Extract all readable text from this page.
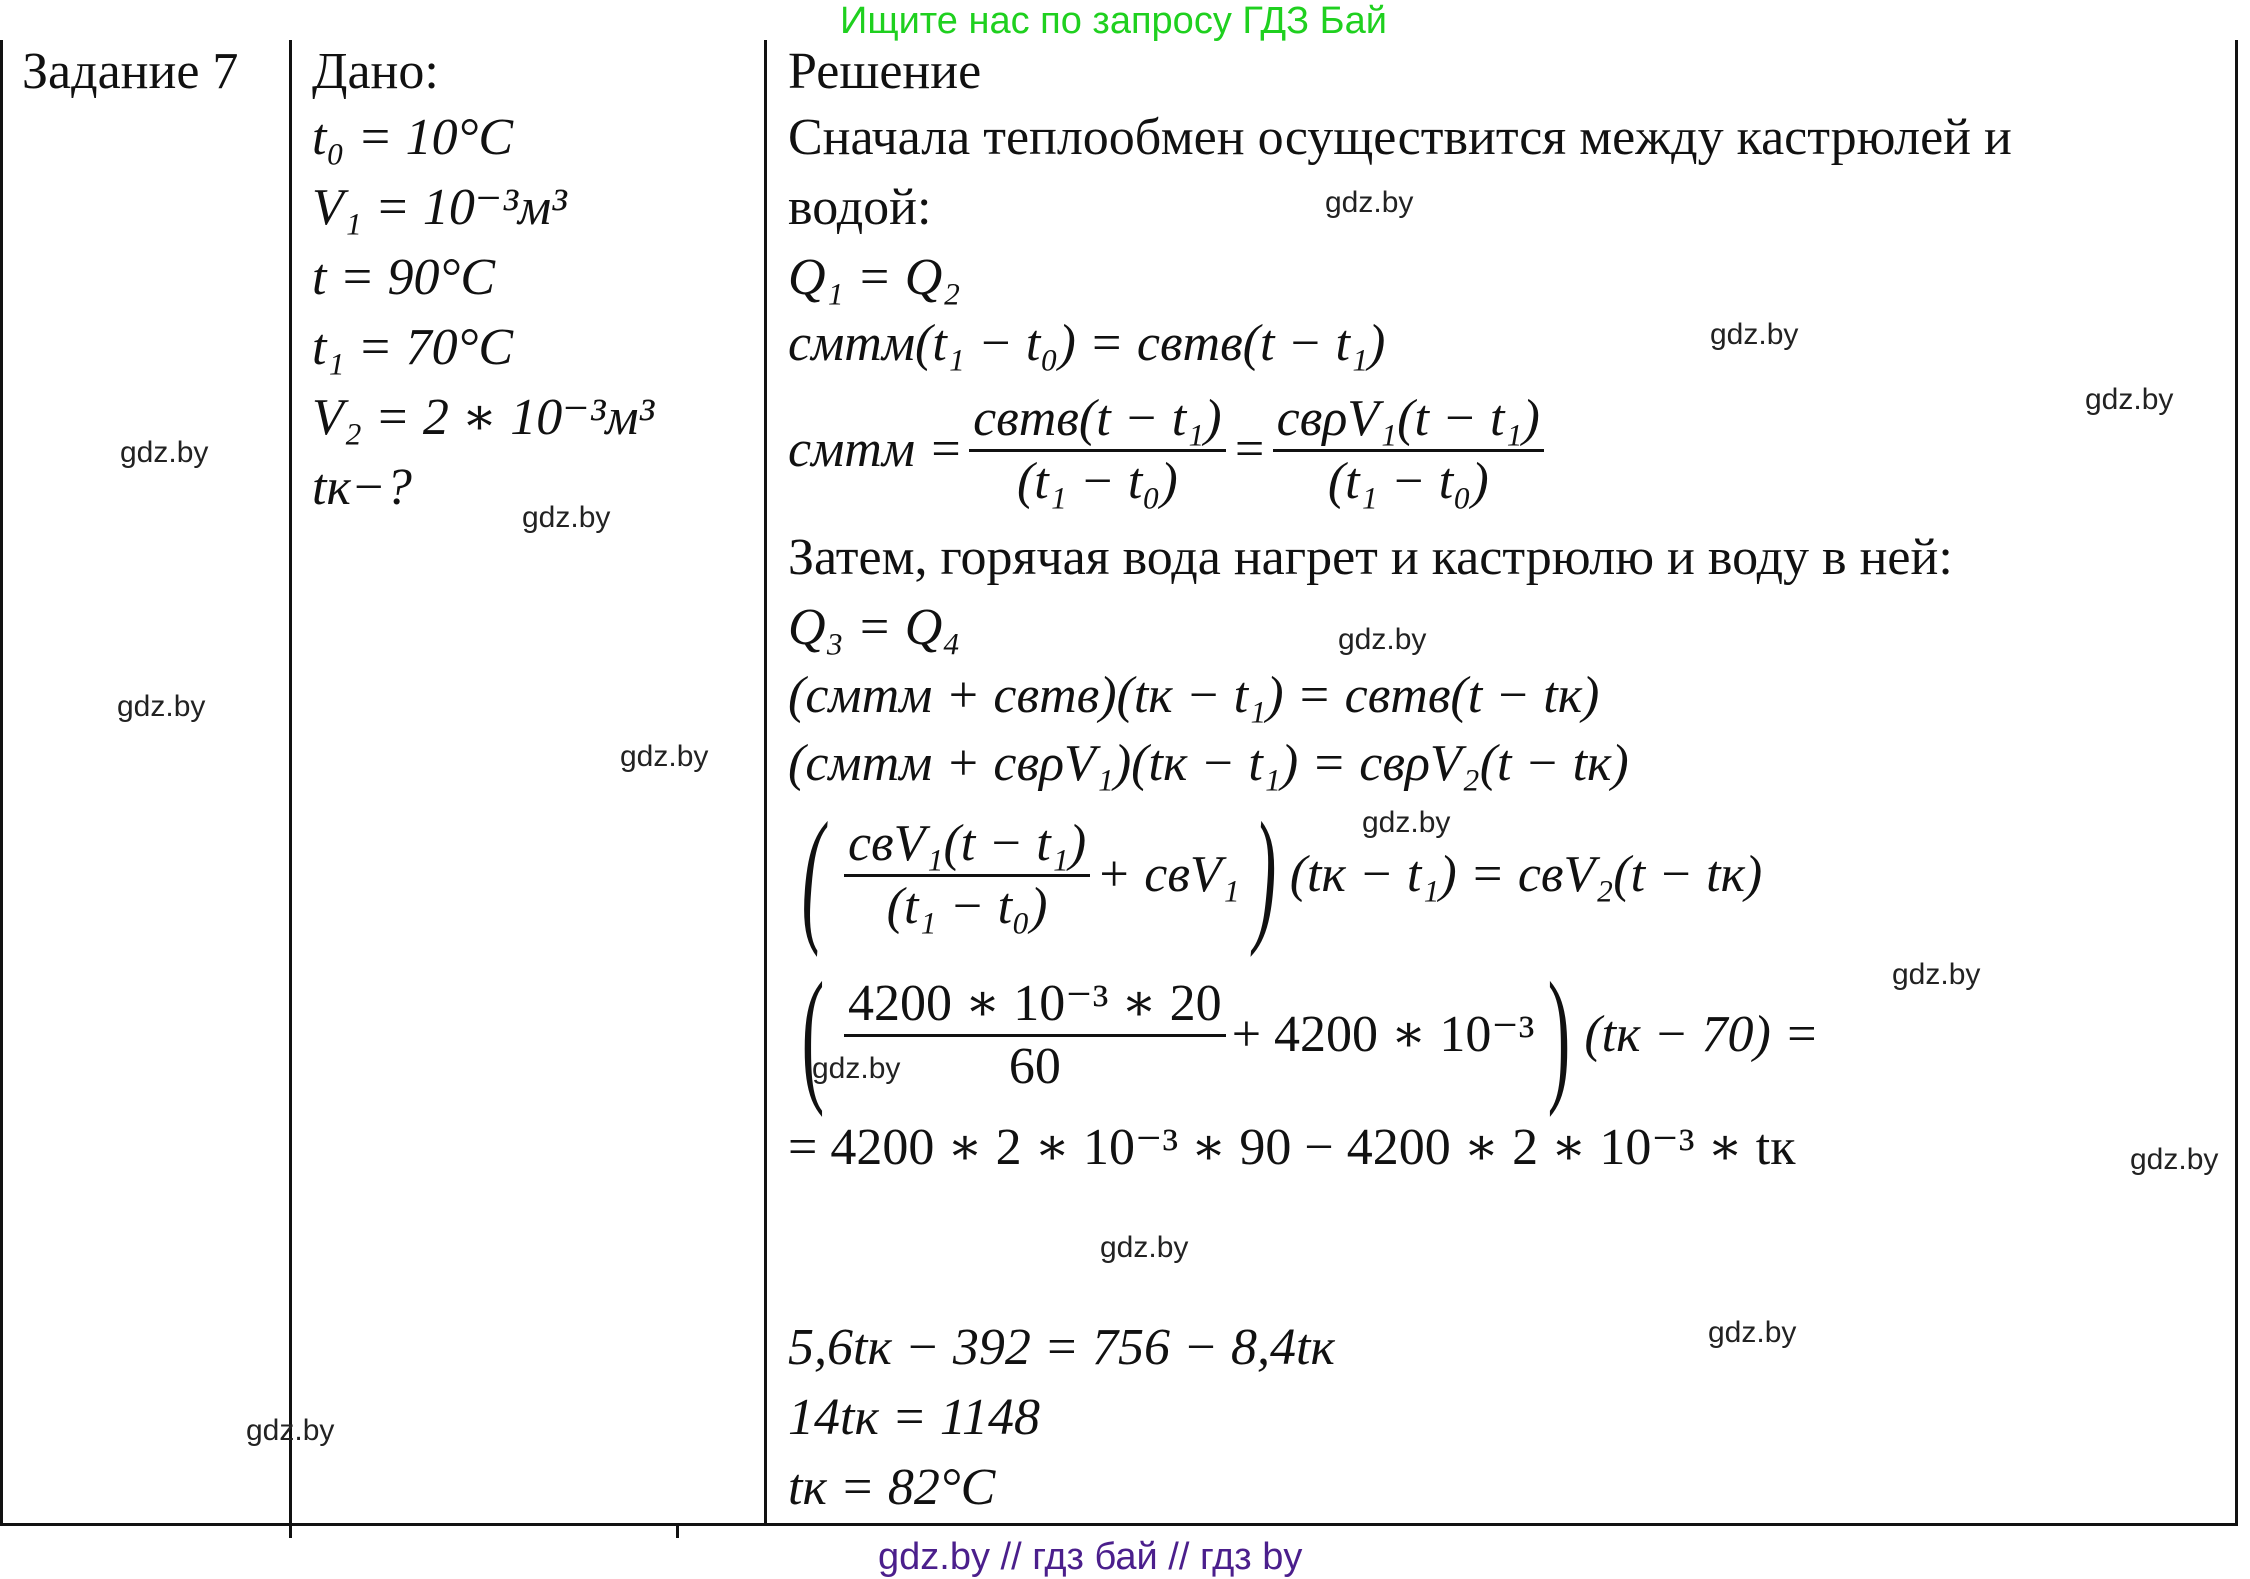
Ищите нас по запросу ГДЗ Бай
gdz.by // гдз бай // гдз by
Задание 7 Дано:
t₀ = 10°C
V₁ = 10⁻³м³
t = 90°C
t₁ = 70°C
V₂ = 2 ∗ 10⁻³м³
tк−?
Решение
Сначала теплообмен осуществится между кастрюлей и
водой:
Q₁ = Q₂
cмmм(t₁ − t₀) = cвmв(t − t₁)
cмmм = $\frac{\text{cвmв(t − t₁)}}{\text{(t₁ − t₀)}} = \frac{\text{cвρV₁(t − t₁)}}{\text{(t₁ − t₀)}}$
Затем, горячая вода нагрет и кастрюлю и воду в ней:
Q₃ = Q₄
(cмmм + cвmв)(tк − t₁) = cвmв(t − tк)
(cмmм + cвρV₁)(tк − t₁) = cвρV₂(t − tк)
( $\frac{\text{cвV₁(t − t₁)}}{\text{(t₁ − t₀)}} + cвV_1$ ) (tк − t₁) = cвV₂(t − tк)
( $\frac{\text{4200 ∗ 10⁻³ ∗ 20}}{60} + 4200$ ∗ 10⁻³ ) (tк − 70) =
= 4200 ∗ 2 ∗ 10⁻³ ∗ 90 − 4200 ∗ 2 ∗ 10⁻³ ∗ tк
5,6tк − 392 = 756 − 8,4tк
14tк = 1148
tк = 82°C
gdz.by
gdz.by
gdz.by
gdz.by
gdz.by
gdz.by
gdz.by
gdz.by
gdz.by
gdz.by
gdz.by
gdz.by
gdz.by
gdz.by
gdz.by
